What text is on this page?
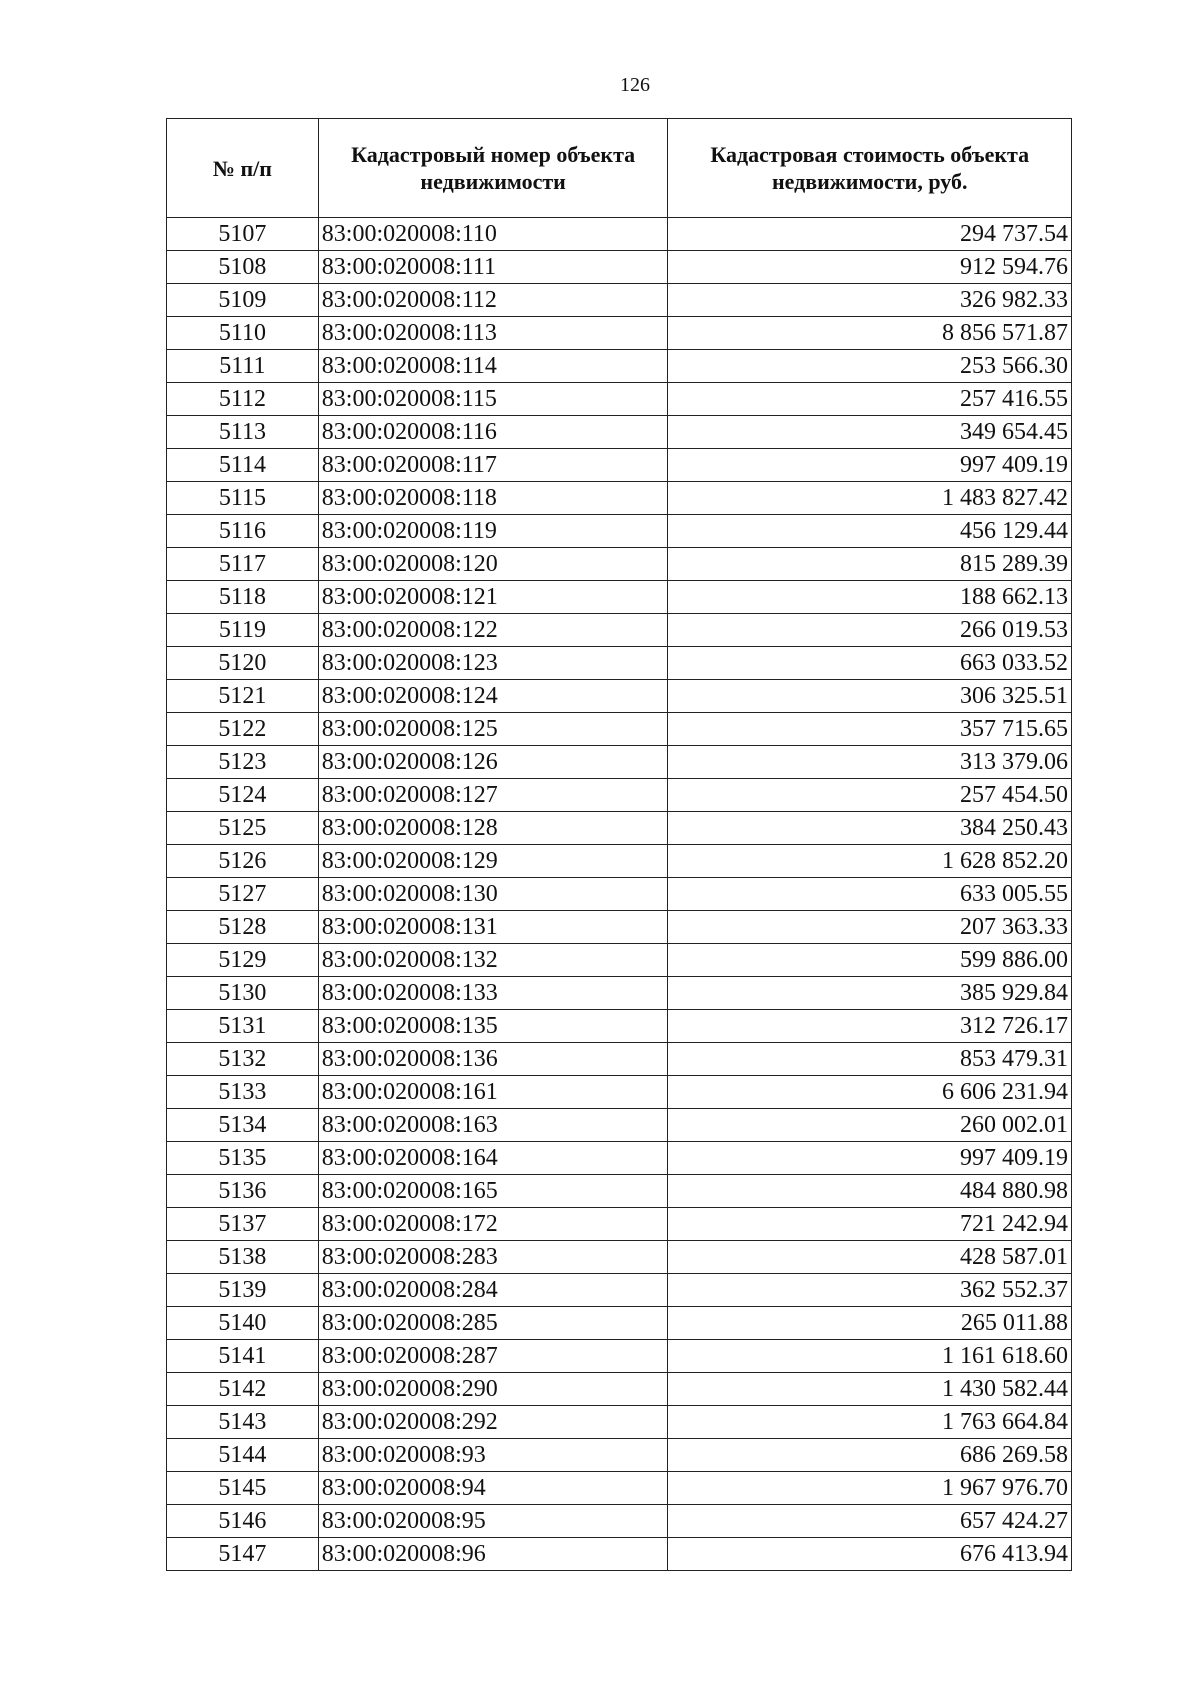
126
№ п/п	Кадастровый номер объекта недвижимости	Кадастровая стоимость объекта недвижимости, руб.
5107	83:00:020008:110	294 737.54
5108	83:00:020008:111	912 594.76
5109	83:00:020008:112	326 982.33
5110	83:00:020008:113	8 856 571.87
5111	83:00:020008:114	253 566.30
5112	83:00:020008:115	257 416.55
5113	83:00:020008:116	349 654.45
5114	83:00:020008:117	997 409.19
5115	83:00:020008:118	1 483 827.42
5116	83:00:020008:119	456 129.44
5117	83:00:020008:120	815 289.39
5118	83:00:020008:121	188 662.13
5119	83:00:020008:122	266 019.53
5120	83:00:020008:123	663 033.52
5121	83:00:020008:124	306 325.51
5122	83:00:020008:125	357 715.65
5123	83:00:020008:126	313 379.06
5124	83:00:020008:127	257 454.50
5125	83:00:020008:128	384 250.43
5126	83:00:020008:129	1 628 852.20
5127	83:00:020008:130	633 005.55
5128	83:00:020008:131	207 363.33
5129	83:00:020008:132	599 886.00
5130	83:00:020008:133	385 929.84
5131	83:00:020008:135	312 726.17
5132	83:00:020008:136	853 479.31
5133	83:00:020008:161	6 606 231.94
5134	83:00:020008:163	260 002.01
5135	83:00:020008:164	997 409.19
5136	83:00:020008:165	484 880.98
5137	83:00:020008:172	721 242.94
5138	83:00:020008:283	428 587.01
5139	83:00:020008:284	362 552.37
5140	83:00:020008:285	265 011.88
5141	83:00:020008:287	1 161 618.60
5142	83:00:020008:290	1 430 582.44
5143	83:00:020008:292	1 763 664.84
5144	83:00:020008:93	686 269.58
5145	83:00:020008:94	1 967 976.70
5146	83:00:020008:95	657 424.27
5147	83:00:020008:96	676 413.94
